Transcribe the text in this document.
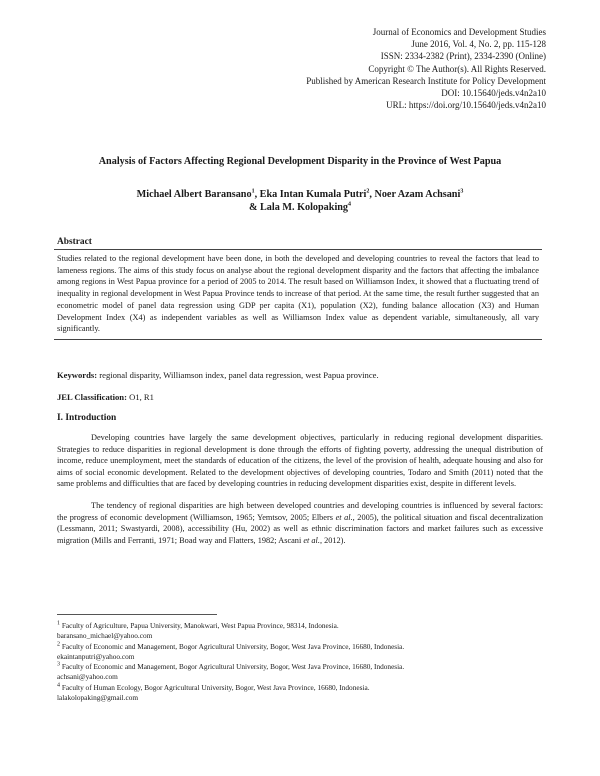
Journal of Economics and Development Studies
June 2016, Vol. 4, No. 2, pp. 115-128
ISSN: 2334-2382 (Print), 2334-2390 (Online)
Copyright © The Author(s). All Rights Reserved.
Published by American Research Institute for Policy Development
DOI: 10.15640/jeds.v4n2a10
URL: https://doi.org/10.15640/jeds.v4n2a10
Analysis of Factors Affecting Regional Development Disparity in the Province of West Papua
Michael Albert Baransano$^1$, Eka Intan Kumala Putri$^2$, Noer Azam Achsani$^3$
& Lala M. Kolopaking$^4$
Abstract

Studies related to the regional development have been done, in both the developed and developing countries to reveal the factors that lead to lameness regions. The aims of this study focus on analyse about the regional development disparity and the factors that affecting the imbalance among regions in West Papua province for a period of 2005 to 2014. The result based on Williamson Index, it showed that a fluctuating trend of inequality in regional development in West Papua Province tends to increase of that period. At the same time, the result further suggested that an econometric model of panel data regression using GDP per capita (X1), population (X2), funding balance allocation (X3) and Human Development Index (X4) as independent variables as well as Williamson Index value as dependent variable, simultaneously, all vary significantly.

Keywords: regional disparity, Williamson index, panel data regression, west Papua province.
JEL Classification: O1, R1
I. Introduction

Developing countries have largely the same development objectives, particularly in reducing regional development disparities. Strategies to reduce disparities in regional development is done through the efforts of fighting poverty, addressing the unequal distribution of income, reduce unemployment, meet the standards of education of the citizens, the level of the provision of health, adequate housing and also for aims of social economic development. Related to the development objectives of developing countries, Todaro and Smith (2011) noted that the same problems and difficulties that are faced by developing countries in reducing development disparities exist, despite in different levels.

The tendency of regional disparities are high between developed countries and developing countries is influenced by several factors: the progress of economic development (Williamson, 1965; Yemtsov, 2005; Elbers et al., 2005), the political situation and fiscal decentralization (Lessmann, 2011; Swastyardi, 2008), accessibility (Hu, 2002) as well as ethnic discrimination factors and market failures such as excessive migration (Mills and Ferranti, 1971; Boad way and Flatters, 1982; Ascani et al., 2012).

$^1$ Faculty of Agriculture, Papua University, Manokwari, West Papua Province, 98314, Indonesia.

baransano_michael@yahoo.com

$^2$ Faculty of Economic and Management, Bogor Agricultural University, Bogor, West Java Province, 16680, Indonesia.

ekaintanputri@yahoo.com

$^3$ Faculty of Economic and Management, Bogor Agricultural University, Bogor, West Java Province, 16680, Indonesia.

achsani@yahoo.com

$^4$ Faculty of Human Ecology, Bogor Agricultural University, Bogor, West Java Province, 16680, Indonesia.

lalakolopaking@gmail.com
